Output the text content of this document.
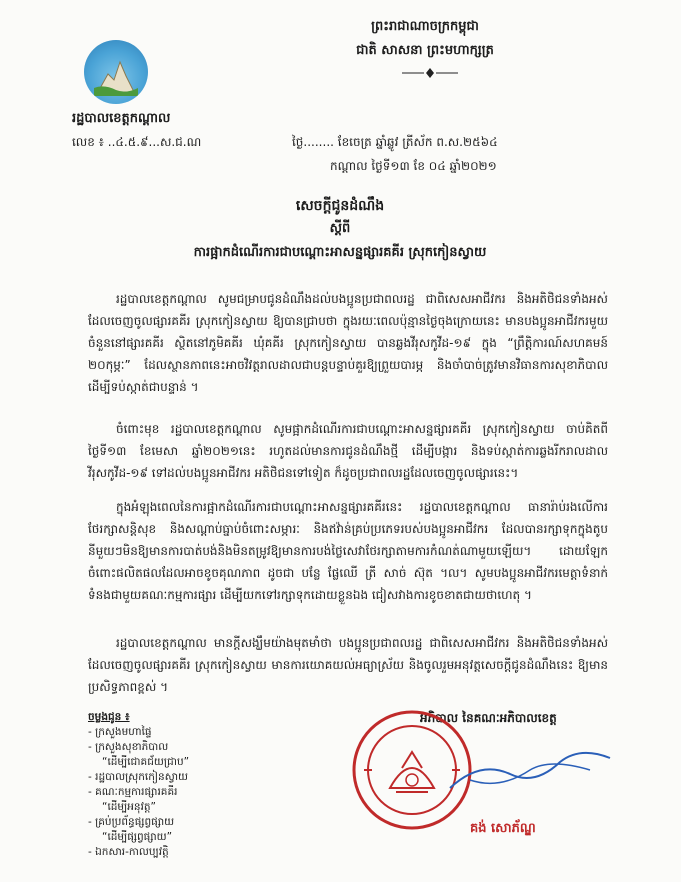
ព្រះរាជាណាចក្រកម្ពុជា
ជាតិ សាសនា ព្រះមហាក្សត្រ
រដ្ឋបាលខេត្តកណ្តាល
លេខ ៖ ..៤.៥.៩...ស.ជ.ណ	ថ្ងៃ........ ខែចេត្រ ឆ្នាំឆ្លូវ ត្រីស័ក ព.ស.២៥៦៤
កណ្តាល ថ្ងៃទី១៣ ខែ ០៤ ឆ្នាំ២០២១
សេចក្តីជូនដំណឹង
ស្តីពី
ការផ្អាកដំណើរការជាបណ្តោះអាសន្នផ្សារគគីរ ស្រុកកៀនស្វាយ
រដ្ឋបាលខេត្តកណ្តាល សូមជម្រាបជូនដំណឹងដល់បងប្អូនប្រជាពលរដ្ឋ ជាពិសេសអាជីវករ និងអតិថិជនទាំងអស់ដែលចេញចូលផ្សារគគីរ ស្រុកកៀនស្វាយ ឱ្យបានជ្រាបថា ក្នុងរយៈពេលប៉ុន្មានថ្ងៃចុងក្រោយនេះ មានបងប្អូនអាជីវករមួយចំនួននៅផ្សារគគីរ ស្ថិតនៅភូមិគគីរ ឃុំគគីរ ស្រុកកៀនស្វាយ បានឆ្លងវីរុសកូវីដ-១៩ ក្នុង “ព្រឹត្តិការណ៍សហគមន៍ ២០កុម្ភៈ” ដែលស្ថានភាពនេះអាចវិវត្តរាលដាលជាបន្តបន្ទាប់គួរឱ្យព្រួយបារម្ភ និងចាំបាច់ត្រូវមានវិធានការសុខាភិបាលដើម្បីទប់ស្កាត់ជាបន្ទាន់ ។
ចំពោះមុខ រដ្ឋបាលខេត្តកណ្តាល សូមផ្អាកដំណើរការជាបណ្តោះអាសន្នផ្សារគគីរ ស្រុកកៀនស្វាយ ចាប់គិតពីថ្ងៃទី១៣ ខែមេសា ឆ្នាំ២០២១នេះ រហូតដល់មានការជូនដំណឹងថ្មី ដើម្បីបង្ការ និងទប់ស្កាត់ការឆ្លងរីករាលដាលវីរុសកូវីដ-១៩ ទៅដល់បងប្អូនអាជីវករ អតិថិជនទៅទៀត ក៏ដូចប្រជាពលរដ្ឋដែលចេញចូលផ្សារនេះ។
ក្នុងអំឡុងពេលនៃការផ្អាកដំណើរការជាបណ្តោះអាសន្នផ្សារគគីរនេះ រដ្ឋបាលខេត្តកណ្តាល ធានារ៉ាប់រងលើការថែរក្សាសន្តិសុខ និងសណ្តាប់ធ្នាប់ចំពោះសម្ភារៈ និងឥវ៉ាន់គ្រប់ប្រភេទរបស់បងប្អូនអាជីវករ ដែលបានរក្សាទុកក្នុងតូបនីមួយៗមិនឱ្យមានការបាត់បង់និងមិនតម្រូវឱ្យមានការបង់ថ្លៃសេវាថែរក្សាតាមការកំណត់ណាមួយឡើយ។ ដោយឡែកចំពោះផលិតផលដែលអាចខូចគុណភាព ដូចជា បន្លែ ផ្លែឈើ ត្រី សាច់ ស៊ុត ។ល។ សូមបងប្អូនអាជីវករមេត្តាទំនាក់ទំនងជាមួយគណៈកម្មការផ្សារ ដើម្បីយកទៅរក្សាទុកដោយខ្លួនឯង ជៀសវាងការខូចខាតជាយថាហេតុ ។
រដ្ឋបាលខេត្តកណ្តាល មានក្តីសង្ឃឹមយ៉ាងមុតមាំថា បងប្អូនប្រជាពលរដ្ឋ ជាពិសេសអាជីវករ និងអតិថិជនទាំងអស់ដែលចេញចូលផ្សារគគីរ ស្រុកកៀនស្វាយ មានការយោគយល់អធ្យាស្រ័យ និងចូលរួមអនុវត្តសេចក្តីជូនដំណឹងនេះ ឱ្យមានប្រសិទ្ធភាពខ្ពស់ ។
ចម្លងជូន ៖
- ក្រសួងមហាផ្ទៃ
- ក្រសួងសុខាភិបាល
“ដើម្បីជោគជ័យជ្រាប”
- រដ្ឋបាលស្រុកកៀនស្វាយ
- គណៈកម្មការផ្សារគគីរ
“ដើម្បីអនុវត្ត”
- គ្រប់ប្រព័ន្ធផ្សព្វផ្សាយ
“ដើម្បីផ្សព្វផ្សាយ”
- ឯកសារ-កាលប្បវត្តិ
អភិបាល នៃគណៈអភិបាលខេត្ត
គង់ សោភ័ណ្ឌ
